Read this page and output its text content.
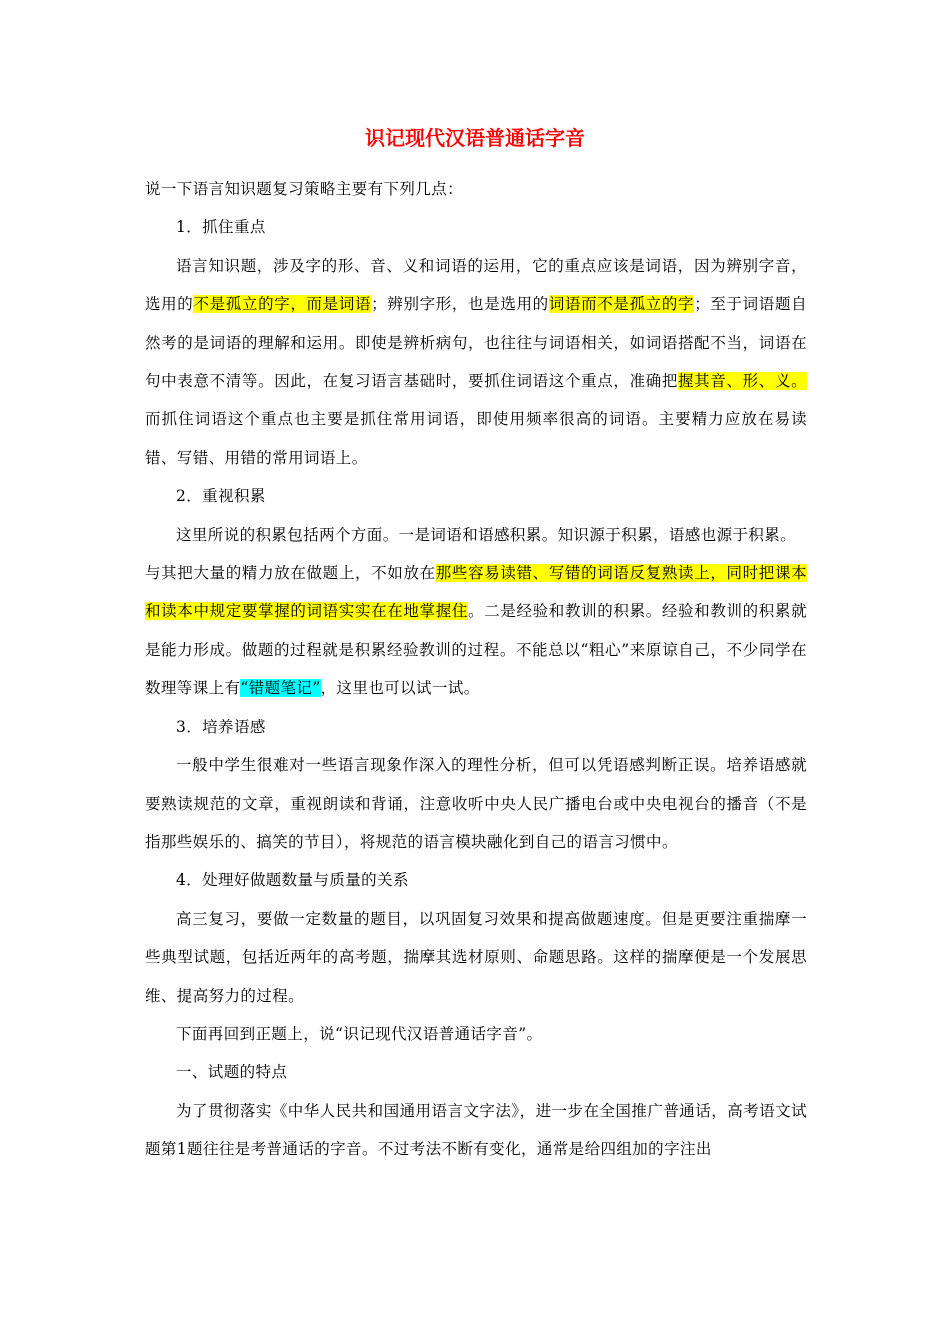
识记现代汉语普通话字音

说一下语言知识题复习策略主要有下列几点：

1．抓住重点

语言知识题，涉及字的形、音、义和词语的运用，它的重点应该是词语，因为辨别字音，选用的不是孤立的字，而是词语；辨别字形，也是选用的词语而不是孤立的字；至于词语题自然考的是词语的理解和运用。即使是辨析病句，也往往与词语相关，如词语搭配不当，词语在句中表意不清等。因此，在复习语言基础时，要抓住词语这个重点，准确把握其音、形、义。而抓住词语这个重点也主要是抓住常用词语，即使用频率很高的词语。主要精力应放在易读错、写错、用错的常用词语上。

2．重视积累

这里所说的积累包括两个方面。一是词语和语感积累。知识源于积累，语感也源于积累。

与其把大量的精力放在做题上，不如放在那些容易读错、写错的词语反复熟读上，同时把课本和读本中规定要掌握的词语实实在在地掌握住。二是经验和教训的积累。经验和教训的积累就是能力形成。做题的过程就是积累经验教训的过程。不能总以“粗心”来原谅自己，不少同学在数理等课上有“错题笔记”，这里也可以试一试。

3．培养语感

一般中学生很难对一些语言现象作深入的理性分析，但可以凭语感判断正误。培养语感就要熟读规范的文章，重视朗读和背诵，注意收听中央人民广播电台或中央电视台的播音（不是指那些娱乐的、搞笑的节目），将规范的语言模块融化到自己的语言习惯中。

4．处理好做题数量与质量的关系

高三复习，要做一定数量的题目，以巩固复习效果和提高做题速度。但是更要注重揣摩一些典型试题，包括近两年的高考题，揣摩其选材原则、命题思路。这样的揣摩便是一个发展思维、提高努力的过程。

下面再回到正题上，说“识记现代汉语普通话字音”。

一、试题的特点

为了贯彻落实《中华人民共和国通用语言文字法》，进一步在全国推广普通话，高考语文试题第1题往往是考普通话的字音。不过考法不断有变化，通常是给四组加的字注出
